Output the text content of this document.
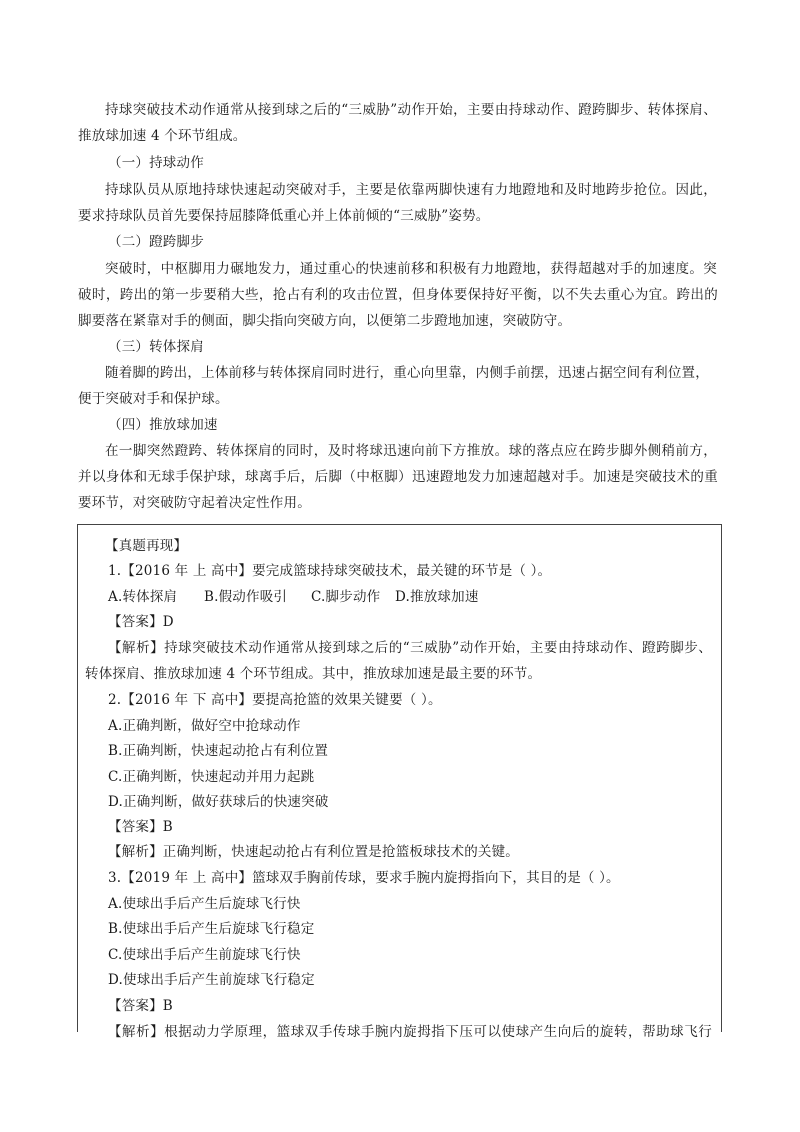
持球突破技术动作通常从接到球之后的“三威胁”动作开始，主要由持球动作、蹬跨脚步、转体探肩、
推放球加速 4 个环节组成。
（一）持球动作
持球队员从原地持球快速起动突破对手，主要是依靠两脚快速有力地蹬地和及时地跨步抢位。因此，
要求持球队员首先要保持屈膝降低重心并上体前倾的“三威胁”姿势。
（二）蹬跨脚步
突破时，中枢脚用力碾地发力，通过重心的快速前移和积极有力地蹬地，获得超越对手的加速度。突
破时，跨出的第一步要稍大些，抢占有利的攻击位置，但身体要保持好平衡，以不失去重心为宜。跨出的
脚要落在紧靠对手的侧面，脚尖指向突破方向，以便第二步蹬地加速，突破防守。
（三）转体探肩
随着脚的跨出，上体前移与转体探肩同时进行，重心向里靠，内侧手前摆，迅速占据空间有利位置，
便于突破对手和保护球。
（四）推放球加速
在一脚突然蹬跨、转体探肩的同时，及时将球迅速向前下方推放。球的落点应在跨步脚外侧稍前方，
并以身体和无球手保护球，球离手后，后脚（中枢脚）迅速蹬地发力加速超越对手。加速是突破技术的重
要环节，对突破防守起着决定性作用。
【真题再现】
1.【2016 年 上 高中】要完成篮球持球突破技术，最关键的环节是（ ）。
A.转体探肩 B.假动作吸引 C.脚步动作 D.推放球加速
【答案】D
【解析】持球突破技术动作通常从接到球之后的“三威胁”动作开始，主要由持球动作、蹬跨脚步、
转体探肩、推放球加速 4 个环节组成。其中，推放球加速是最主要的环节。
2.【2016 年 下 高中】要提高抢篮的效果关键要（ ）。
A.正确判断，做好空中抢球动作
B.正确判断，快速起动抢占有利位置
C.正确判断，快速起动并用力起跳
D.正确判断，做好获球后的快速突破
【答案】B
【解析】正确判断，快速起动抢占有利位置是抢篮板球技术的关键。
3.【2019 年 上 高中】篮球双手胸前传球，要求手腕内旋拇指向下，其目的是（ ）。
A.使球出手后产生后旋球飞行快
B.使球出手后产生后旋球飞行稳定
C.使球出手后产生前旋球飞行快
D.使球出手后产生前旋球飞行稳定
【答案】B
【解析】根据动力学原理，篮球双手传球手腕内旋拇指下压可以使球产生向后的旋转，帮助球飞行
